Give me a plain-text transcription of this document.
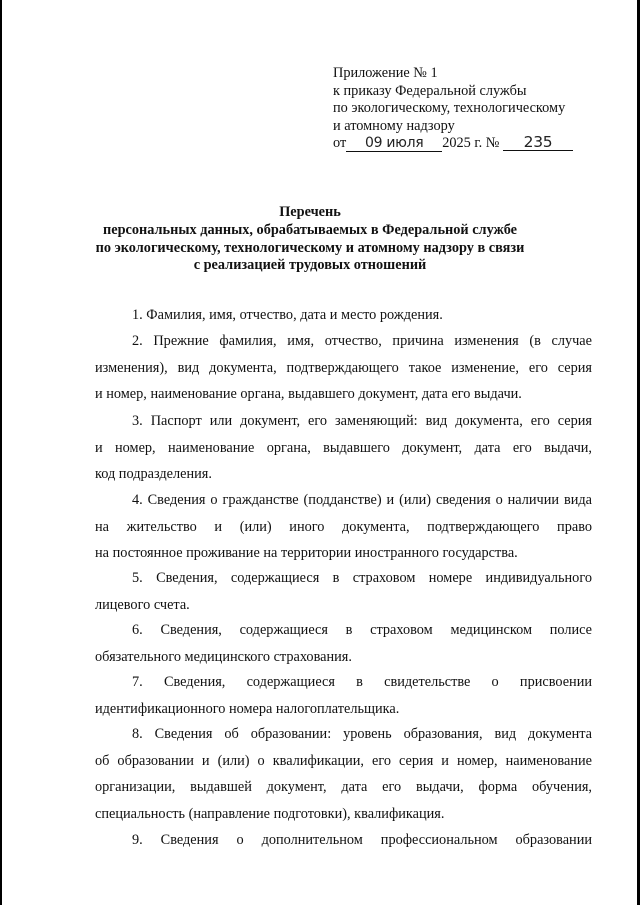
Приложение № 1
к приказу Федеральной службы
по экологическому, технологическому
и атомному надзору
от 09 июля 2025 г. № 235
Перечень
персональных данных, обрабатываемых в Федеральной службе
по экологическому, технологическому и атомному надзору в связи
с реализацией трудовых отношений
1. Фамилия, имя, отчество, дата и место рождения.
2. Прежние фамилия, имя, отчество, причина изменения (в случае
изменения), вид документа, подтверждающего такое изменение, его серия
и номер, наименование органа, выдавшего документ, дата его выдачи.
3. Паспорт или документ, его заменяющий: вид документа, его серия
и номер, наименование органа, выдавшего документ, дата его выдачи,
код подразделения.
4. Сведения о гражданстве (подданстве) и (или) сведения о наличии вида
на жительство и (или) иного документа, подтверждающего право
на постоянное проживание на территории иностранного государства.
5. Сведения, содержащиеся в страховом номере индивидуального
лицевого счета.
6. Сведения, содержащиеся в страховом медицинском полисе
обязательного медицинского страхования.
7. Сведения, содержащиеся в свидетельстве о присвоении
идентификационного номера налогоплательщика.
8. Сведения об образовании: уровень образования, вид документа
об образовании и (или) о квалификации, его серия и номер, наименование
организации, выдавшей документ, дата его выдачи, форма обучения,
специальность (направление подготовки), квалификация.
9. Сведения о дополнительном профессиональном образовании
